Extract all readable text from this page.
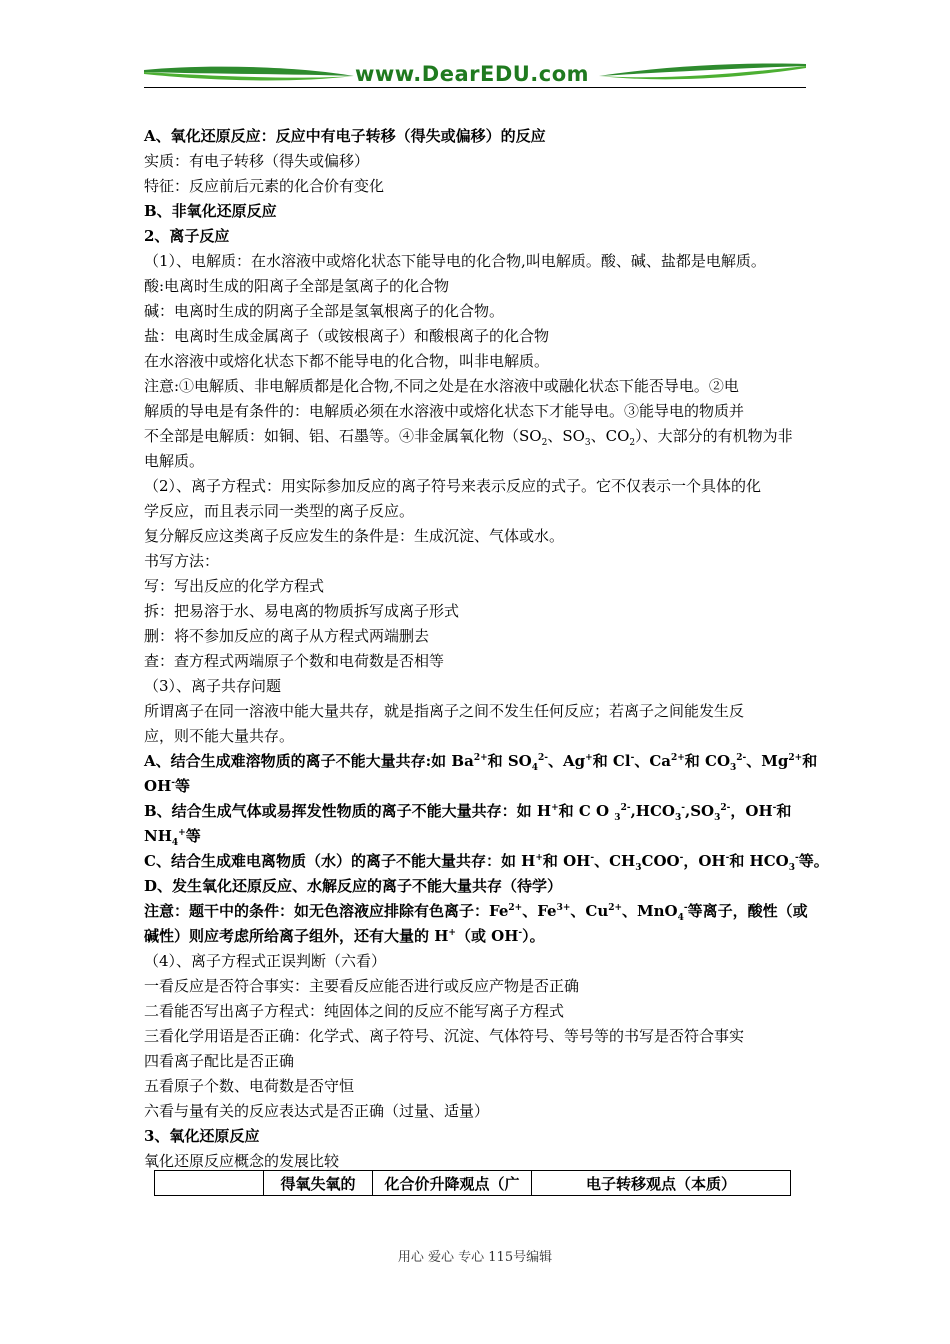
www.DearEDU.com
A、氧化还原反应：反应中有电子转移（得失或偏移）的反应
实质：有电子转移（得失或偏移）
特征：反应前后元素的化合价有变化
B、非氧化还原反应
2、离子反应
（1）、电解质：在水溶液中或熔化状态下能导电的化合物,叫电解质。酸、碱、盐都是电解质。
酸:电离时生成的阳离子全部是氢离子的化合物
碱：电离时生成的阴离子全部是氢氧根离子的化合物。
盐：电离时生成金属离子（或铵根离子）和酸根离子的化合物
在水溶液中或熔化状态下都不能导电的化合物，叫非电解质。
注意:①电解质、非电解质都是化合物,不同之处是在水溶液中或融化状态下能否导电。②电
解质的导电是有条件的：电解质必须在水溶液中或熔化状态下才能导电。③能导电的物质并
不全部是电解质：如铜、铝、石墨等。④非金属氧化物（$SO_2$、$SO_3$、$CO_2$）、大部分的有机物为非
电解质。
（2）、离子方程式：用实际参加反应的离子符号来表示反应的式子。它不仅表示一个具体的化
学反应，而且表示同一类型的离子反应。
复分解反应这类离子反应发生的条件是：生成沉淀、气体或水。
书写方法：
写：写出反应的化学方程式
拆：把易溶于水、易电离的物质拆写成离子形式
删：将不参加反应的离子从方程式两端删去
查：查方程式两端原子个数和电荷数是否相等
（3）、离子共存问题
所谓离子在同一溶液中能大量共存，就是指离子之间不发生任何反应；若离子之间能发生反
应，则不能大量共存。
A、结合生成难溶物质的离子不能大量共存:如 $Ba^{2+}$和 $SO_4^{2-}$、Ag+和 Cl-、$Ca^{2+}$和 $CO_3^{2-}$、$Mg^{2+}$和
OH-等
B、结合生成气体或易挥发性物质的离子不能大量共存：如 H+和 C O $_3^{2-},HCO_3^-,SO_3^{2-}$，OH-和
$NH_4^+$等
C、结合生成难电离物质（水）的离子不能大量共存：如 H+和 OH-、$CH_3COO^-$，OH-和 $HCO_3^-$等。
D、发生氧化还原反应、水解反应的离子不能大量共存（待学）
注意：题干中的条件：如无色溶液应排除有色离子：$Fe^{2+}$、$Fe^{3+}$、$Cu^{2+}$、MnO$_4$-等离子，酸性（或
碱性）则应考虑所给离子组外，还有大量的 H+（或 OH-）。
（4）、离子方程式正误判断（六看）
一看反应是否符合事实：主要看反应能否进行或反应产物是否正确
二看能否写出离子方程式：纯固体之间的反应不能写离子方程式
三看化学用语是否正确：化学式、离子符号、沉淀、气体符号、等号等的书写是否符合事实
四看离子配比是否正确
五看原子个数、电荷数是否守恒
六看与量有关的反应表达式是否正确（过量、适量）
3、氧化还原反应
氧化还原反应概念的发展比较
	得氧失氧的	化合价升降观点（广	电子转移观点（本质）
用心 爱心 专心 115号编辑
